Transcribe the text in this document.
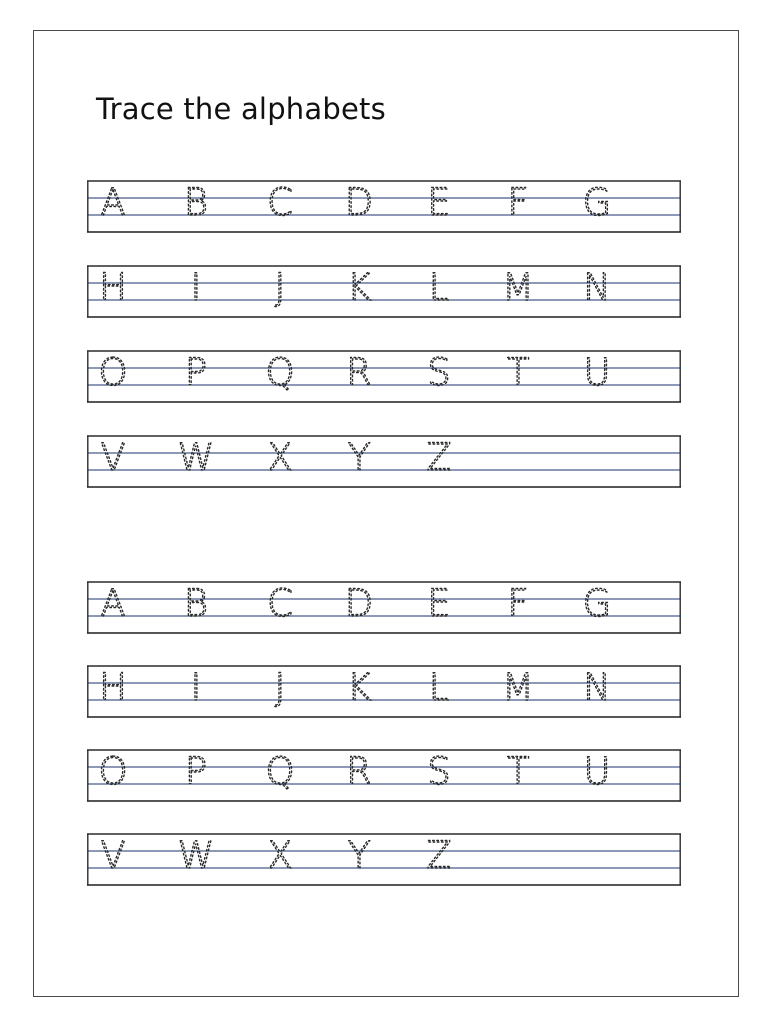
Trace the alphabets
A B C D E F G
H I J K L M N
O P Q R S T U
V W X Y Z
A B C D E F G
H I J K L M N
O P Q R S T U
V W X Y Z
